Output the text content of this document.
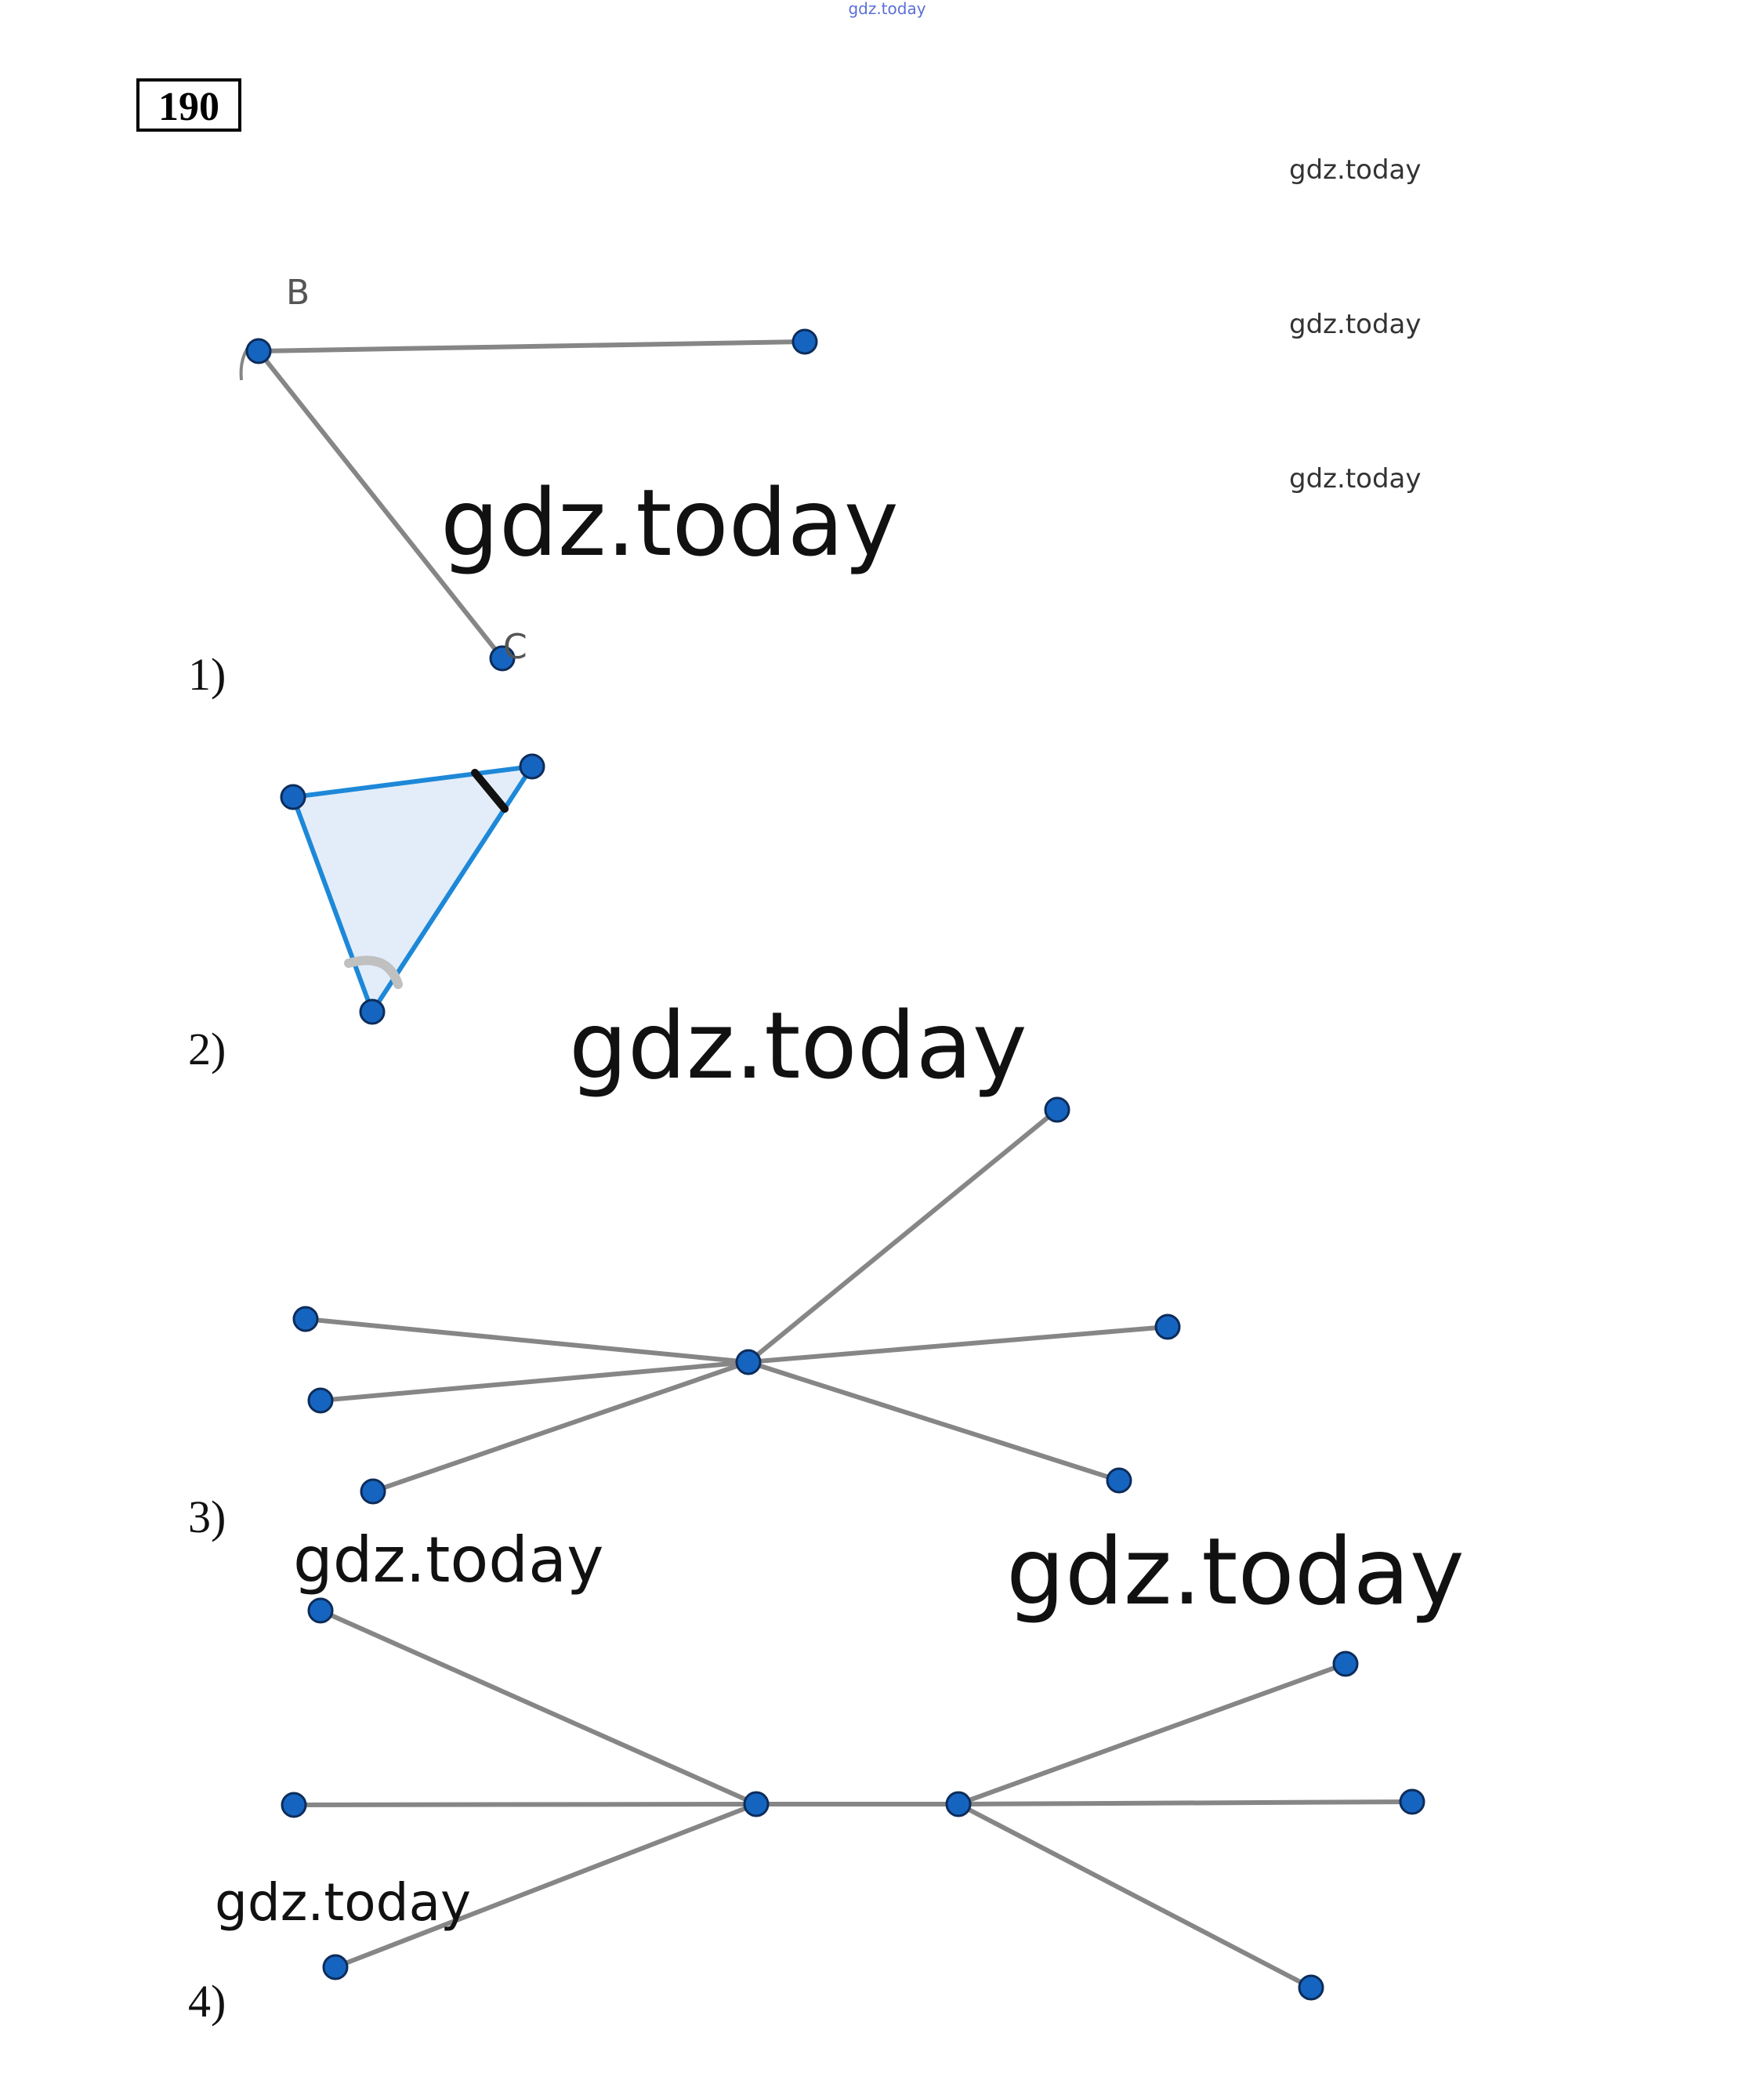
gdz.today
190
gdz.today
gdz.today
gdz.today
B
C
gdz.today
1)
gdz.today
2)
3)
gdz.today	gdz.today
gdz.today
4)
